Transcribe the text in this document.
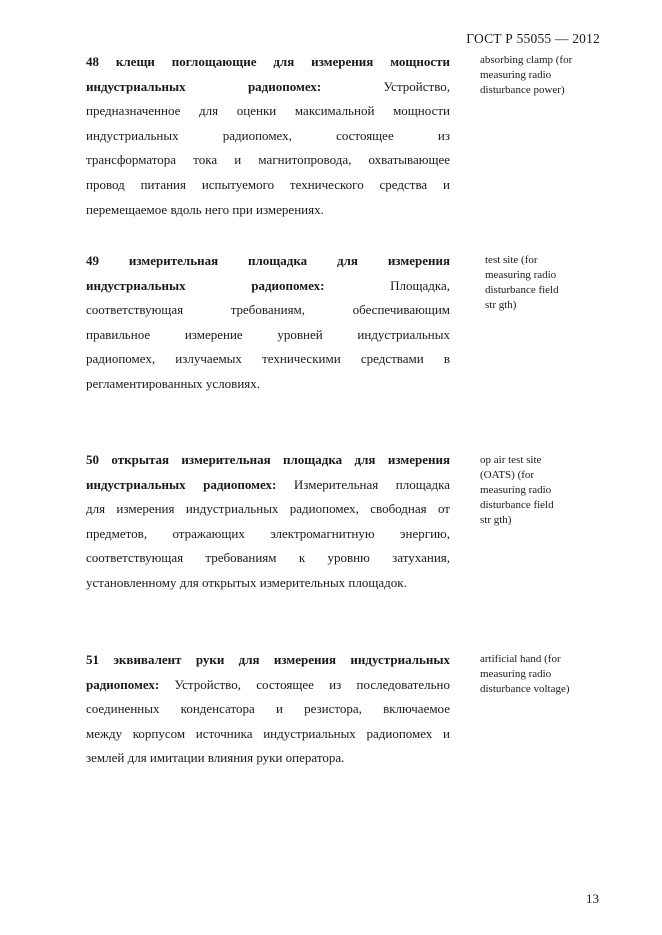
ГОСТ Р 55055 — 2012
48 клещи поглощающие для измерения мощности
индустриальных радиопомех:	Устройство,
предназначенное для оценки максимальной мощности
индустриальных радиопомех, состоящее из
трансформатора тока и магнитопровода, охватывающее
провод питания испытуемого технического средства и
перемещаемое вдоль него при измерениях.
absorbing clamp (for
measuring radio
disturbance power)
49 измерительная площадка для измерения
индустриальных радиопомех:	Площадка,
соответствующая требованиям, обеспечивающим
правильное измерение уровней индустриальных
радиопомех, излучаемых техническими средствами в
регламентированных условиях.
test site (for
measuring radio
disturbance field
str gth)
50 открытая измерительная площадка для измерения
индустриальных радиопомех: Измерительная площадка
для измерения индустриальных радиопомех, свободная от
предметов, отражающих электромагнитную энергию,
соответствующая требованиям к уровню затухания,
установленному для открытых измерительных площадок.
op air test site
(OATS) (for
measuring radio
disturbance field
str gth)
51 эквивалент руки для измерения индустриальных
радиопомех: Устройство, состоящее из последовательно
соединенных конденсатора и резистора, включаемое
между корпусом источника индустриальных радиопомех и
землей для имитации влияния руки оператора.
artificial hand (for
measuring radio
disturbance voltage)
13
